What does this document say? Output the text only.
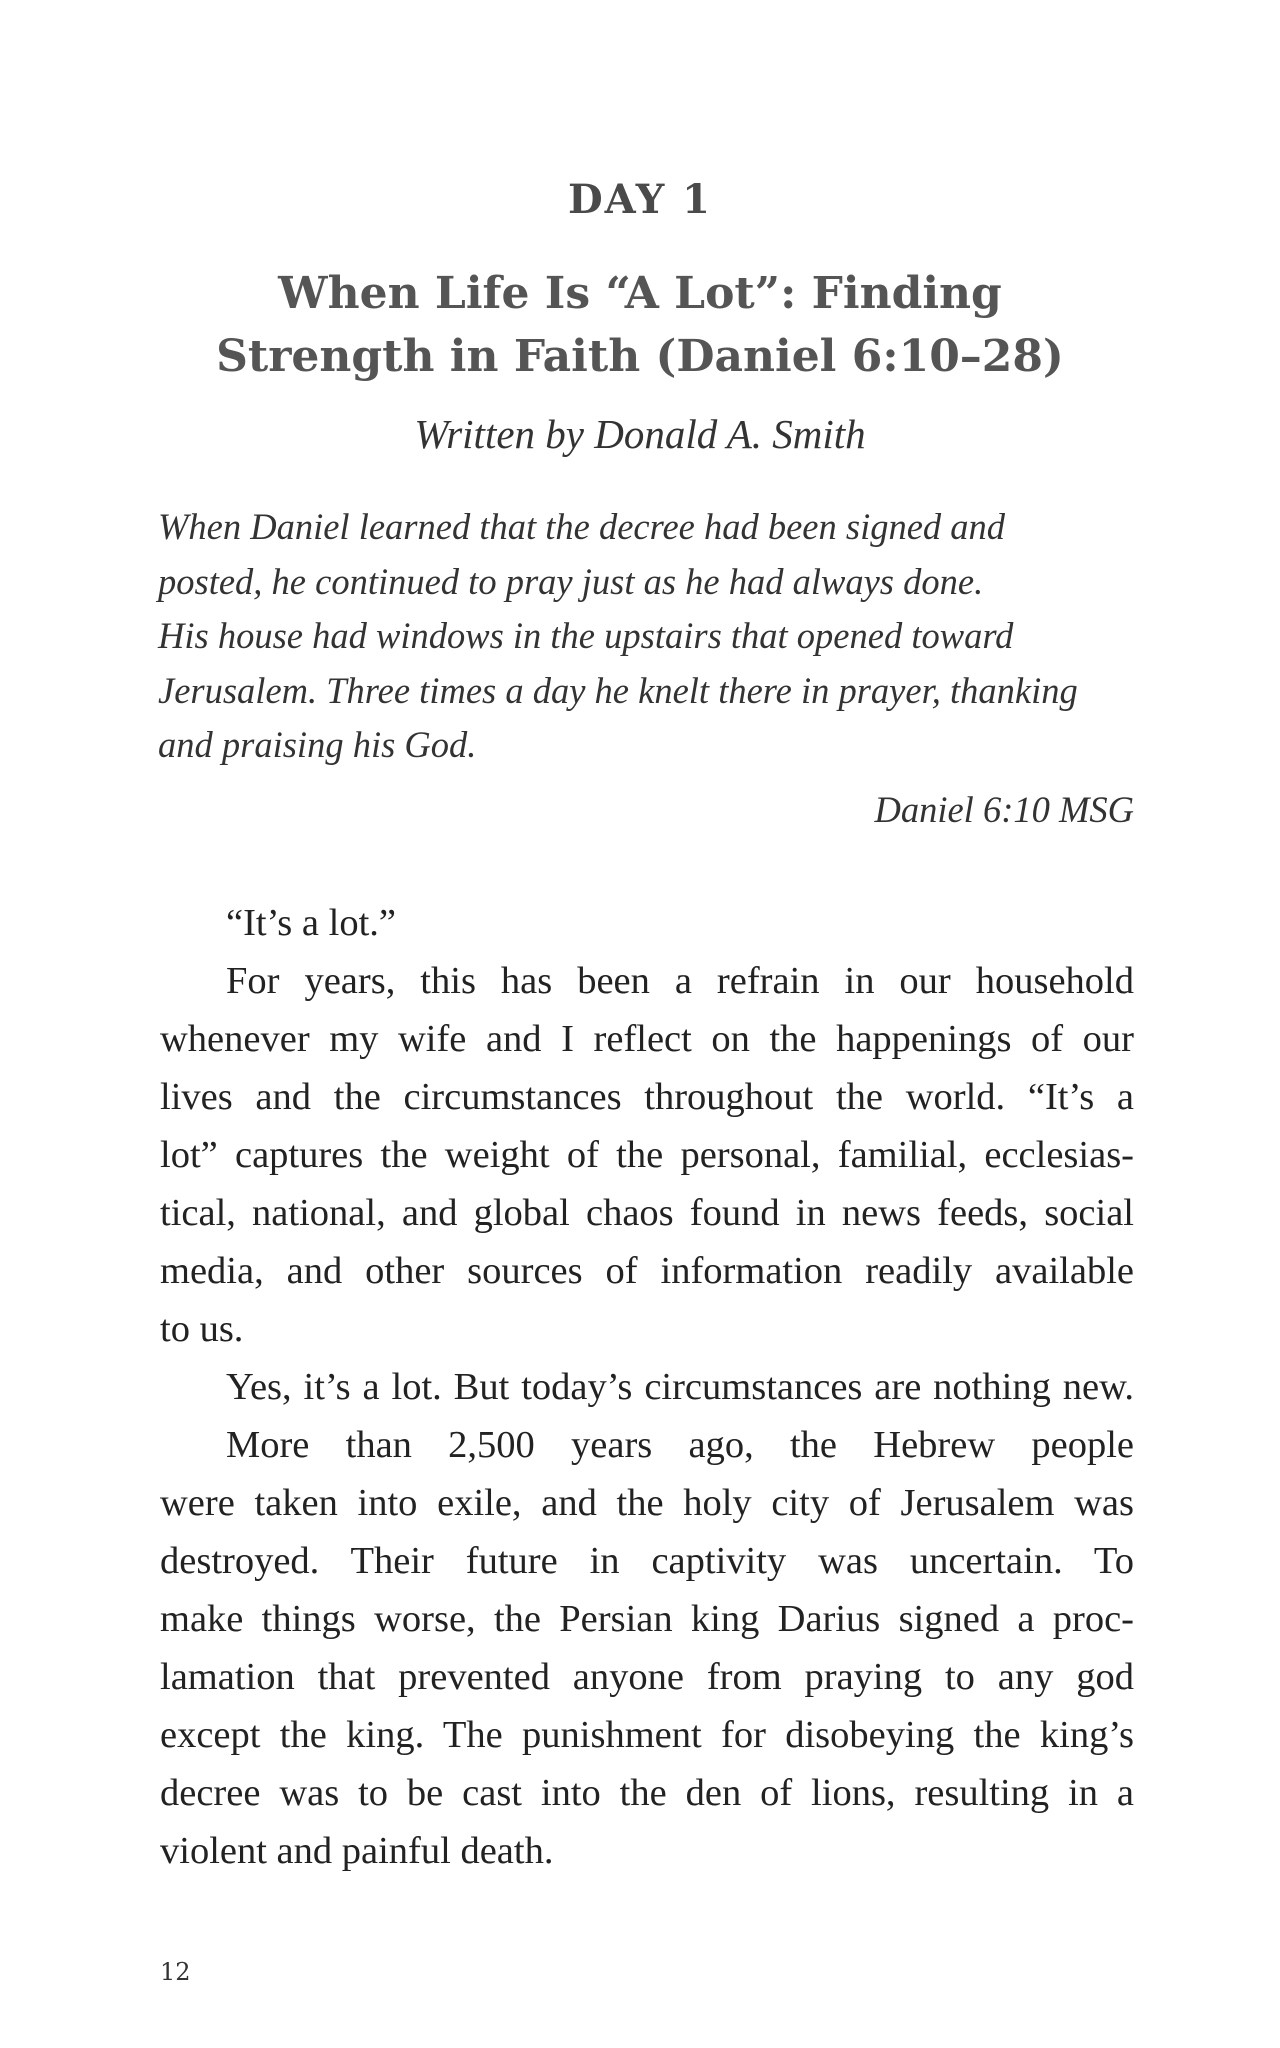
DAY 1
When Life Is “A Lot”: Finding
Strength in Faith (Daniel 6:10–28)
Written by Donald A. Smith
When Daniel learned that the decree had been signed and
posted, he continued to pray just as he had always done.
His house had windows in the upstairs that opened toward
Jerusalem. Three times a day he knelt there in prayer, thanking
and praising his God.
Daniel 6:10 MSG
“It’s a lot.”
For years, this has been a refrain in our household
whenever my wife and I reflect on the happenings of our
lives and the circumstances throughout the world. “It’s a
lot” captures the weight of the personal, familial, ecclesias-
tical, national, and global chaos found in news feeds, social
media, and other sources of information readily available
to us.
Yes, it’s a lot. But today’s circumstances are nothing new.
More than 2,500 years ago, the Hebrew people
were taken into exile, and the holy city of Jerusalem was
destroyed. Their future in captivity was uncertain. To
make things worse, the Persian king Darius signed a proc-
lamation that prevented anyone from praying to any god
except the king. The punishment for disobeying the king’s
decree was to be cast into the den of lions, resulting in a
violent and painful death.
12
